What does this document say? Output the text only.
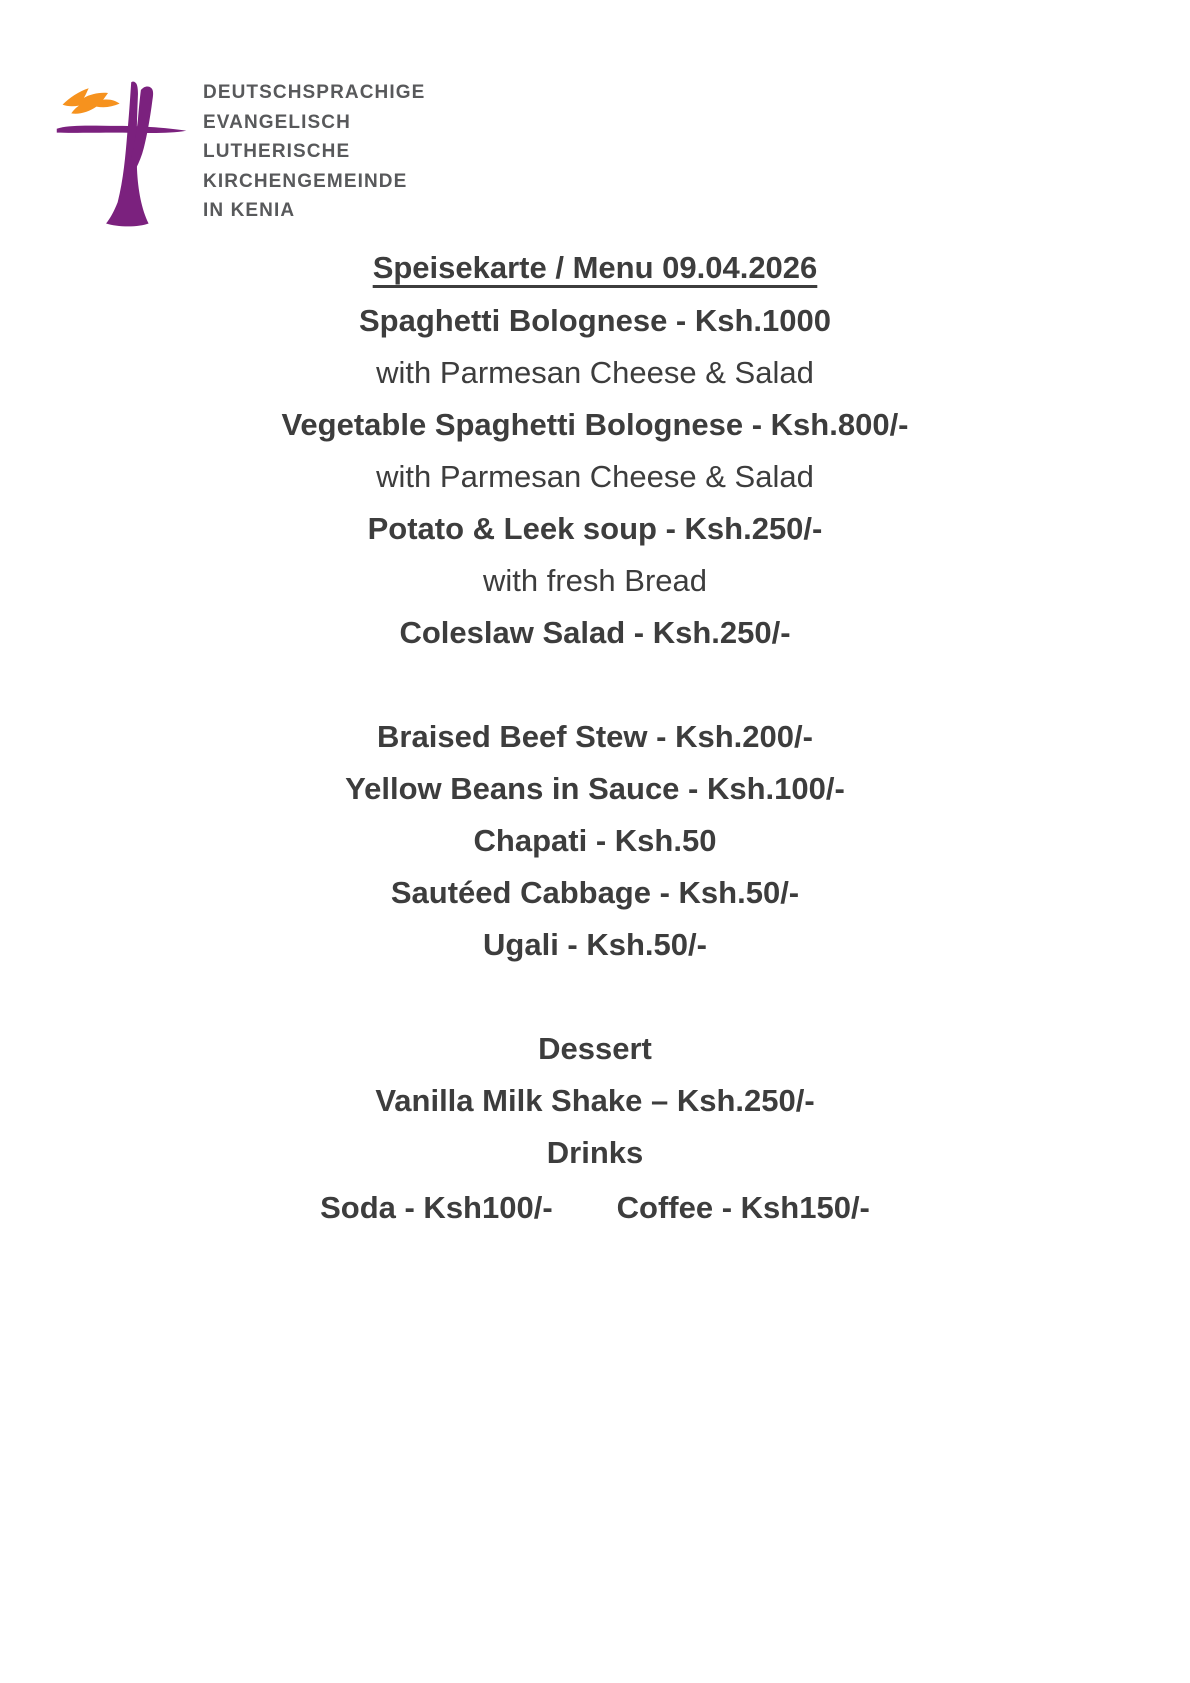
DEUTSCHSPRACHIGE
EVANGELISCH
LUTHERISCHE
KIRCHENGEMEINDE
IN KENIA
Speisekarte / Menu 09.04.2026
Spaghetti Bolognese - Ksh.1000
with Parmesan Cheese & Salad
Vegetable Spaghetti Bolognese - Ksh.800/-
with Parmesan Cheese & Salad
Potato & Leek soup - Ksh.250/-
with fresh Bread
Coleslaw Salad - Ksh.250/-
Braised Beef Stew - Ksh.200/-
Yellow Beans in Sauce - Ksh.100/-
Chapati - Ksh.50
Sautéed Cabbage - Ksh.50/-
Ugali - Ksh.50/-
Dessert
Vanilla Milk Shake – Ksh.250/-
Drinks
Soda - Ksh100/- Coffee - Ksh150/-
